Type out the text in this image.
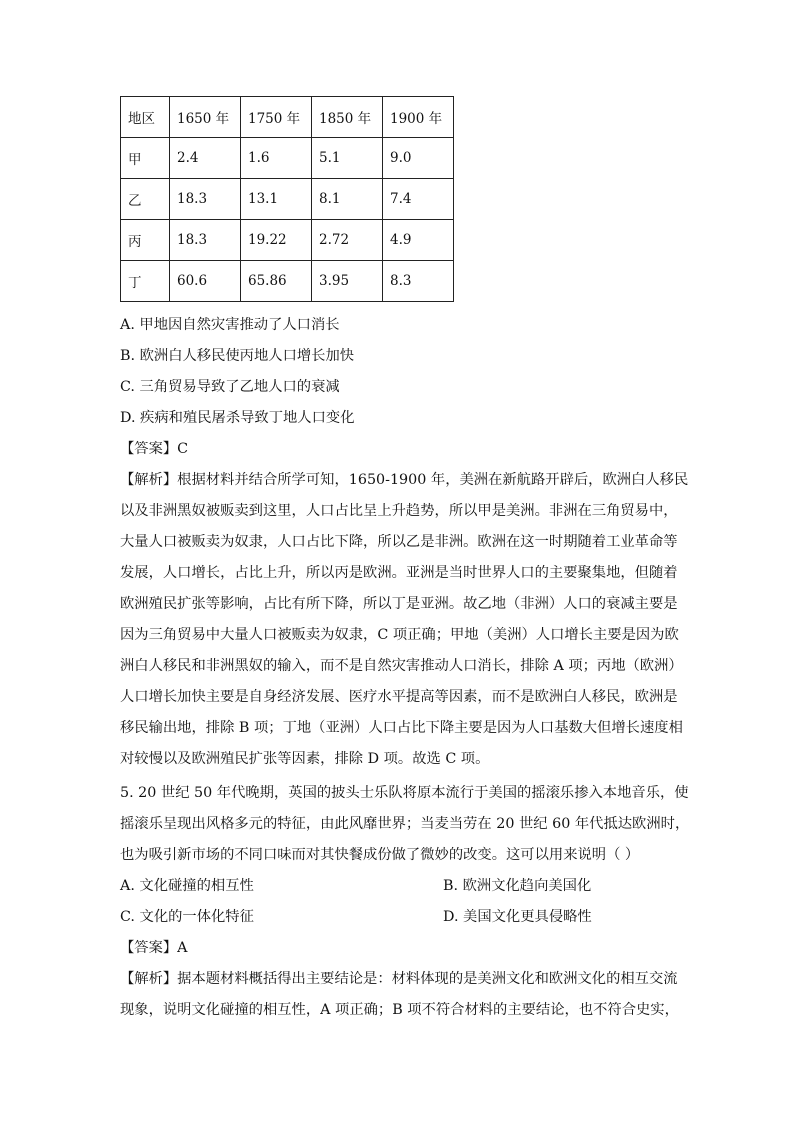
地区	1650 年	1750 年	1850 年	1900 年
甲	2.4	1.6	5.1	9.0
乙	18.3	13.1	8.1	7.4
丙	18.3	19.22	2.72	4.9
丁	60.6	65.86	3.95	8.3
A. 甲地因自然灾害推动了人口消长
B. 欧洲白人移民使丙地人口增长加快
C. 三角贸易导致了乙地人口的衰减
D. 疾病和殖民屠杀导致丁地人口变化
【答案】C
【解析】根据材料并结合所学可知，1650-1900 年，美洲在新航路开辟后，欧洲白人移民
以及非洲黑奴被贩卖到这里，人口占比呈上升趋势，所以甲是美洲。非洲在三角贸易中，
大量人口被贩卖为奴隶，人口占比下降，所以乙是非洲。欧洲在这一时期随着工业革命等
发展，人口增长，占比上升，所以丙是欧洲。亚洲是当时世界人口的主要聚集地，但随着
欧洲殖民扩张等影响，占比有所下降，所以丁是亚洲。故乙地（非洲）人口的衰减主要是
因为三角贸易中大量人口被贩卖为奴隶，C 项正确；甲地（美洲）人口增长主要是因为欧
洲白人移民和非洲黑奴的输入，而不是自然灾害推动人口消长，排除 A 项；丙地（欧洲）
人口增长加快主要是自身经济发展、医疗水平提高等因素，而不是欧洲白人移民，欧洲是
移民输出地，排除 B 项；丁地（亚洲）人口占比下降主要是因为人口基数大但增长速度相
对较慢以及欧洲殖民扩张等因素，排除 D 项。故选 C 项。
5. 20 世纪 50 年代晚期，英国的披头士乐队将原本流行于美国的摇滚乐掺入本地音乐，使
摇滚乐呈现出风格多元的特征，由此风靡世界；当麦当劳在 20 世纪 60 年代抵达欧洲时，
也为吸引新市场的不同口味而对其快餐成份做了微妙的改变。这可以用来说明（ ）
A. 文化碰撞的相互性	B. 欧洲文化趋向美国化
C. 文化的一体化特征	D. 美国文化更具侵略性
【答案】A
【解析】据本题材料概括得出主要结论是：材料体现的是美洲文化和欧洲文化的相互交流
现象，说明文化碰撞的相互性，A 项正确；B 项不符合材料的主要结论，也不符合史实，
